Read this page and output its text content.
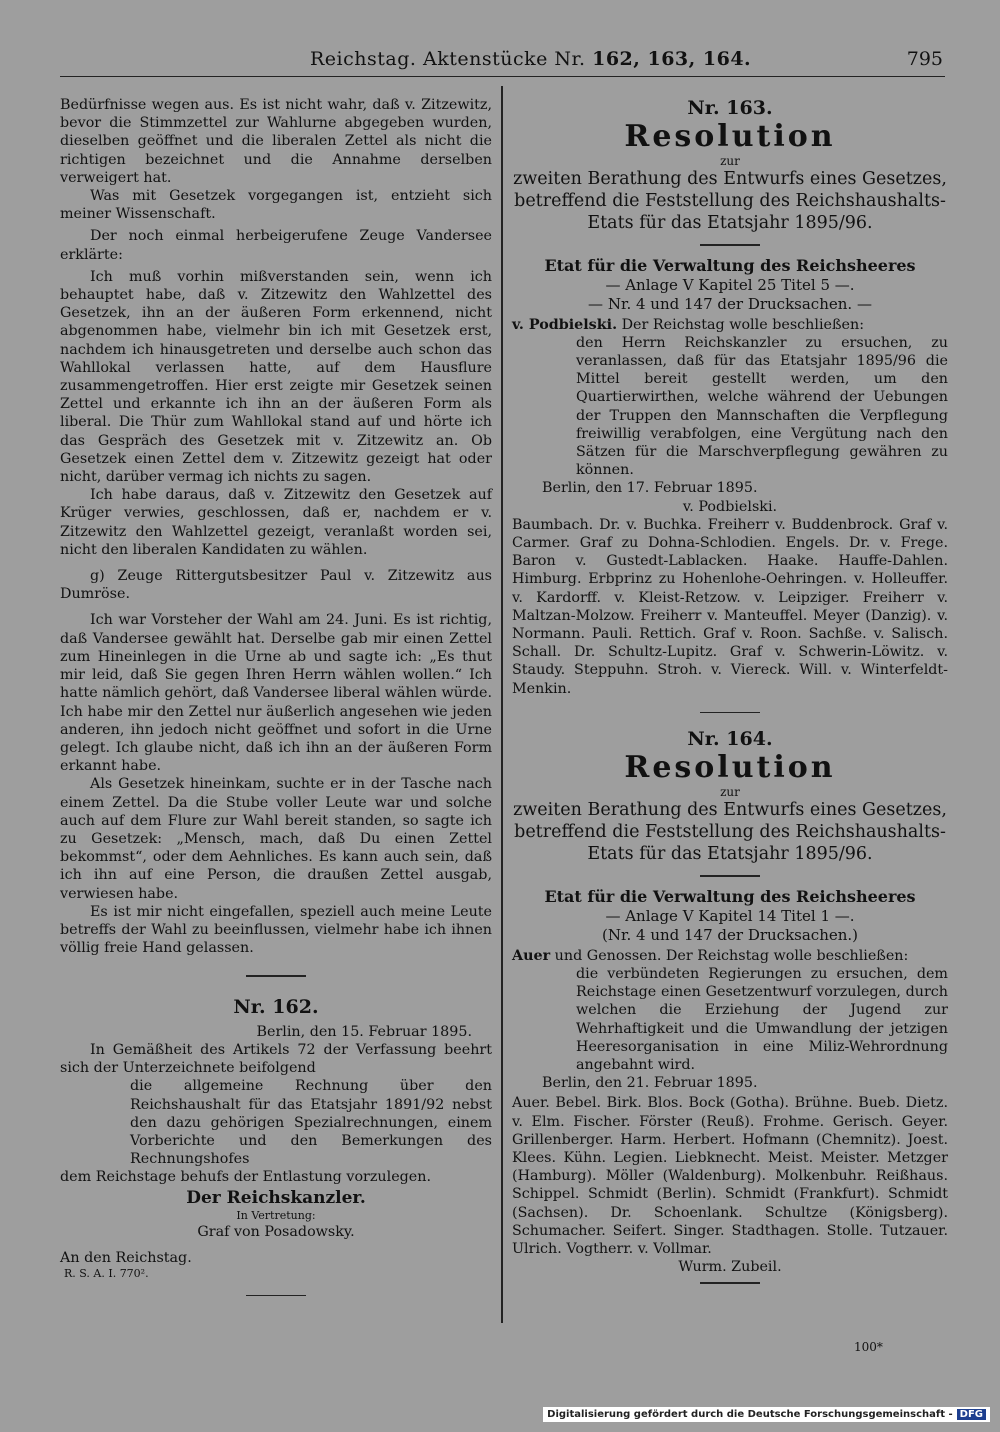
Reichstag. Aktenstücke Nr. 162, 163, 164.	795

Bedürfnisse wegen aus. Es ist nicht wahr, daß v. Zitzewitz, bevor die Stimmzettel zur Wahlurne abgegeben wurden, dieselben geöffnet und die liberalen Zettel als nicht die richtigen bezeichnet und die Annahme derselben verweigert hat.

Was mit Gesetzek vorgegangen ist, entzieht sich meiner Wissenschaft.

Der noch einmal herbeigerufene Zeuge Vandersee erklärte:

Ich muß vorhin mißverstanden sein, wenn ich behauptet habe, daß v. Zitzewitz den Wahlzettel des Gesetzek, ihn an der äußeren Form erkennend, nicht abgenommen habe, vielmehr bin ich mit Gesetzek erst, nachdem ich hinausgetreten und derselbe auch schon das Wahllokal verlassen hatte, auf dem Hausflure zusammengetroffen. Hier erst zeigte mir Gesetzek seinen Zettel und erkannte ich ihn an der äußeren Form als liberal. Die Thür zum Wahllokal stand auf und hörte ich das Gespräch des Gesetzek mit v. Zitzewitz an. Ob Gesetzek einen Zettel dem v. Zitzewitz gezeigt hat oder nicht, darüber vermag ich nichts zu sagen.

Ich habe daraus, daß v. Zitzewitz den Gesetzek auf Krüger verwies, geschlossen, daß er, nachdem er v. Zitzewitz den Wahlzettel gezeigt, veranlaßt worden sei, nicht den liberalen Kandidaten zu wählen.

g) Zeuge Rittergutsbesitzer Paul v. Zitzewitz aus Dumröse.

Ich war Vorsteher der Wahl am 24. Juni. Es ist richtig, daß Vandersee gewählt hat. Derselbe gab mir einen Zettel zum Hineinlegen in die Urne ab und sagte ich: „Es thut mir leid, daß Sie gegen Ihren Herrn wählen wollen.“ Ich hatte nämlich gehört, daß Vandersee liberal wählen würde. Ich habe mir den Zettel nur äußerlich angesehen wie jeden anderen, ihn jedoch nicht geöffnet und sofort in die Urne gelegt. Ich glaube nicht, daß ich ihn an der äußeren Form erkannt habe.

Als Gesetzek hineinkam, suchte er in der Tasche nach einem Zettel. Da die Stube voller Leute war und solche auch auf dem Flure zur Wahl bereit standen, so sagte ich zu Gesetzek: „Mensch, mach, daß Du einen Zettel bekommst“, oder dem Aehnliches. Es kann auch sein, daß ich ihn auf eine Person, die draußen Zettel ausgab, verwiesen habe.

Es ist mir nicht eingefallen, speziell auch meine Leute betreffs der Wahl zu beeinflussen, vielmehr habe ich ihnen völlig freie Hand gelassen.

Nr. 162.

Berlin, den 15. Februar 1895.

In Gemäßheit des Artikels 72 der Verfassung beehrt sich der Unterzeichnete beifolgend

die allgemeine Rechnung über den Reichshaushalt für das Etatsjahr 1891/92 nebst den dazu gehörigen Spezialrechnungen, einem Vorberichte und den Bemerkungen des Rechnungshofes

dem Reichstage behufs der Entlastung vorzulegen.

Der Reichskanzler.

In Vertretung:

Graf von Posadowsky.

An den Reichstag.

R. S. A. I. 770².

Nr. 163.

Resolution

zur

zweiten Berathung des Entwurfs eines Gesetzes, betreffend die Feststellung des Reichshaushalts-Etats für das Etatsjahr 1895/96.

Etat für die Verwaltung des Reichsheeres

— Anlage V Kapitel 25 Titel 5 —.

— Nr. 4 und 147 der Drucksachen. —

v. Podbielski. Der Reichstag wolle beschließen:

den Herrn Reichskanzler zu ersuchen, zu veranlassen, daß für das Etatsjahr 1895/96 die Mittel bereit gestellt werden, um den Quartierwirthen, welche während der Uebungen der Truppen den Mannschaften die Verpflegung freiwillig verabfolgen, eine Vergütung nach den Sätzen für die Marschverpflegung gewähren zu können.

Berlin, den 17. Februar 1895.

v. Podbielski.

Baumbach. Dr. v. Buchka. Freiherr v. Buddenbrock. Graf v. Carmer. Graf zu Dohna-Schlodien. Engels. Dr. v. Frege. Baron v. Gustedt-Lablacken. Haake. Hauffe-Dahlen. Himburg. Erbprinz zu Hohenlohe-Oehringen. v. Holleuffer. v. Kardorff. v. Kleist-Retzow. v. Leipziger. Freiherr v. Maltzan-Molzow. Freiherr v. Manteuffel. Meyer (Danzig). v. Normann. Pauli. Rettich. Graf v. Roon. Sachße. v. Salisch. Schall. Dr. Schultz-Lupitz. Graf v. Schwerin-Löwitz. v. Staudy. Steppuhn. Stroh. v. Viereck. Will. v. Winterfeldt-Menkin.

Nr. 164.

Resolution

zur

zweiten Berathung des Entwurfs eines Gesetzes, betreffend die Feststellung des Reichshaushalts-Etats für das Etatsjahr 1895/96.

Etat für die Verwaltung des Reichsheeres

— Anlage V Kapitel 14 Titel 1 —.

(Nr. 4 und 147 der Drucksachen.)

Auer und Genossen. Der Reichstag wolle beschließen:

die verbündeten Regierungen zu ersuchen, dem Reichstage einen Gesetzentwurf vorzulegen, durch welchen die Erziehung der Jugend zur Wehrhaftigkeit und die Umwandlung der jetzigen Heeresorganisation in eine Miliz-Wehrordnung angebahnt wird.

Berlin, den 21. Februar 1895.

Auer. Bebel. Birk. Blos. Bock (Gotha). Brühne. Bueb. Dietz. v. Elm. Fischer. Förster (Reuß). Frohme. Gerisch. Geyer. Grillenberger. Harm. Herbert. Hofmann (Chemnitz). Joest. Klees. Kühn. Legien. Liebknecht. Meist. Meister. Metzger (Hamburg). Möller (Waldenburg). Molkenbuhr. Reißhaus. Schippel. Schmidt (Berlin). Schmidt (Frankfurt). Schmidt (Sachsen). Dr. Schoenlank. Schultze (Königsberg). Schumacher. Seifert. Singer. Stadthagen. Stolle. Tutzauer. Ulrich. Vogtherr. v. Vollmar.

Wurm. Zubeil.

100*
Digitalisierung gefördert durch die Deutsche Forschungsgemeinschaft - DFG
